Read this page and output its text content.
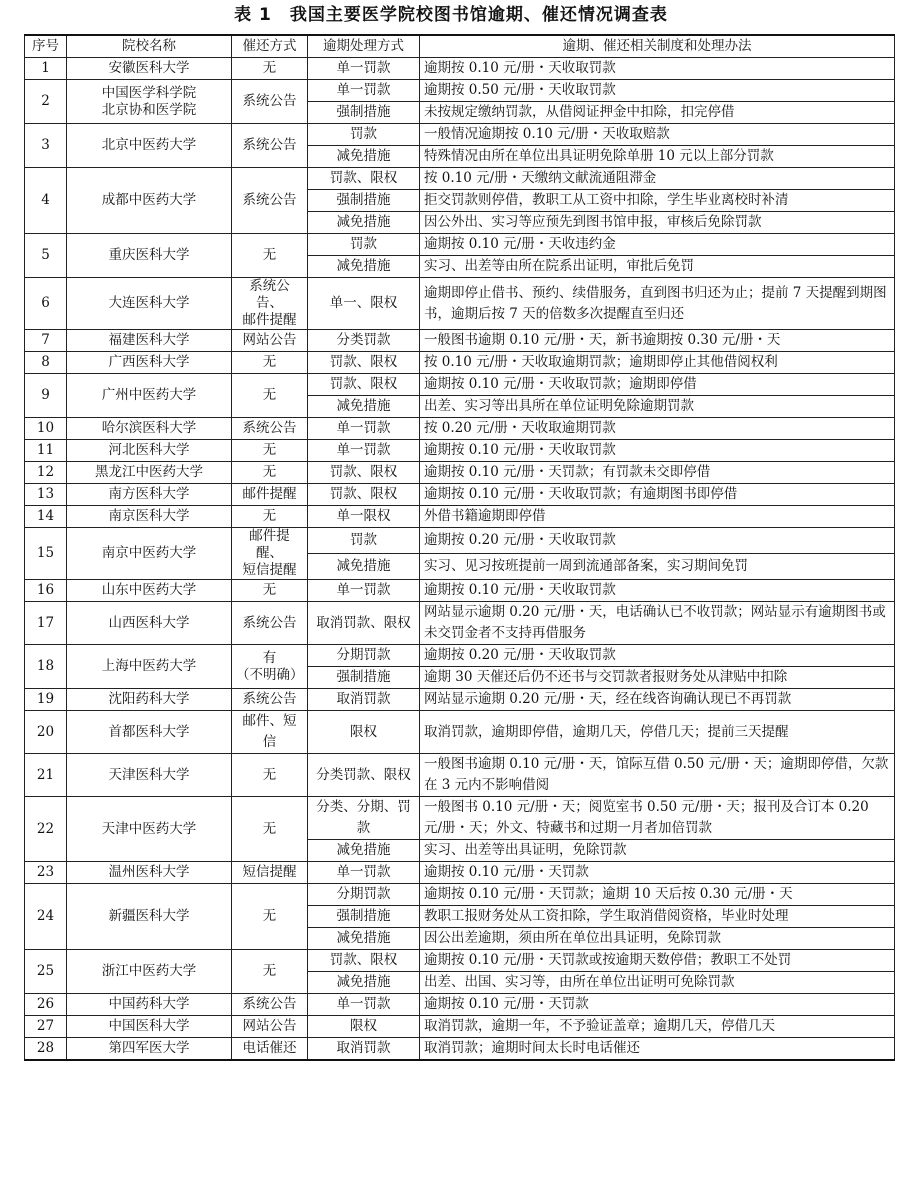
表 1 我国主要医学院校图书馆逾期、催还情况调查表
序号	院校名称	催还方式	逾期处理方式	逾期、催还相关制度和处理办法
1	安徽医科大学	无	单一罚款	逾期按 0.10 元/册・天收取罚款
2	中国医学科学院
北京协和医学院	系统公告	单一罚款	逾期按 0.50 元/册・天收取罚款
			强制措施	未按规定缴纳罚款，从借阅证押金中扣除，扣完停借
3	北京中医药大学	系统公告	罚款	一般情况逾期按 0.10 元/册・天收取赔款
			减免措施	特殊情况由所在单位出具证明免除单册 10 元以上部分罚款
4	成都中医药大学	系统公告	罚款、限权	按 0.10 元/册・天缴纳文献流通阻滞金
			强制措施	拒交罚款则停借，教职工从工资中扣除，学生毕业离校时补清
			减免措施	因公外出、实习等应预先到图书馆申报，审核后免除罚款
5	重庆医科大学	无	罚款	逾期按 0.10 元/册・天收违约金
			减免措施	实习、出差等由所在院系出证明，审批后免罚
6	大连医科大学	系统公告、
邮件提醒	单一、限权	逾期即停止借书、预约、续借服务，直到图书归还为止；提前 7 天提醒到期图书，逾期后按 7 天的倍数多次提醒直至归还
7	福建医科大学	网站公告	分类罚款	一般图书逾期 0.10 元/册・天，新书逾期按 0.30 元/册・天
8	广西医科大学	无	罚款、限权	按 0.10 元/册・天收取逾期罚款；逾期即停止其他借阅权利
9	广州中医药大学	无	罚款、限权	逾期按 0.10 元/册・天收取罚款；逾期即停借
			减免措施	出差、实习等出具所在单位证明免除逾期罚款
10	哈尔滨医科大学	系统公告	单一罚款	按 0.20 元/册・天收取逾期罚款
11	河北医科大学	无	单一罚款	逾期按 0.10 元/册・天收取罚款
12	黑龙江中医药大学	无	罚款、限权	逾期按 0.10 元/册・天罚款；有罚款未交即停借
13	南方医科大学	邮件提醒	罚款、限权	逾期按 0.10 元/册・天收取罚款；有逾期图书即停借
14	南京医科大学	无	单一限权	外借书籍逾期即停借
15	南京中医药大学	邮件提醒、
短信提醒	罚款	逾期按 0.20 元/册・天收取罚款
			减免措施	实习、见习按班提前一周到流通部备案，实习期间免罚
16	山东中医药大学	无	单一罚款	逾期按 0.10 元/册・天收取罚款
17	山西医科大学	系统公告	取消罚款、限权	网站显示逾期 0.20 元/册・天，电话确认已不收罚款；网站显示有逾期图书或未交罚金者不支持再借服务
18	上海中医药大学	有
（不明确）	分期罚款	逾期按 0.20 元/册・天收取罚款
			强制措施	逾期 30 天催还后仍不还书与交罚款者报财务处从津贴中扣除
19	沈阳药科大学	系统公告	取消罚款	网站显示逾期 0.20 元/册・天，经在线咨询确认现已不再罚款
20	首都医科大学	邮件、短信	限权	取消罚款，逾期即停借，逾期几天，停借几天；提前三天提醒
21	天津医科大学	无	分类罚款、限权	一般图书逾期 0.10 元/册・天，馆际互借 0.50 元/册・天；逾期即停借，欠款在 3 元内不影响借阅
22	天津中医药大学	无	分类、分期、罚款	一般图书 0.10 元/册・天；阅览室书 0.50 元/册・天；报刊及合订本 0.20 元/册・天；外文、特藏书和过期一月者加倍罚款
			减免措施	实习、出差等出具证明，免除罚款
23	温州医科大学	短信提醒	单一罚款	逾期按 0.10 元/册・天罚款
24	新疆医科大学	无	分期罚款	逾期按 0.10 元/册・天罚款；逾期 10 天后按 0.30 元/册・天
			强制措施	教职工报财务处从工资扣除，学生取消借阅资格，毕业时处理
			减免措施	因公出差逾期，须由所在单位出具证明，免除罚款
25	浙江中医药大学	无	罚款、限权	逾期按 0.10 元/册・天罚款或按逾期天数停借；教职工不处罚
			减免措施	出差、出国、实习等，由所在单位出证明可免除罚款
26	中国药科大学	系统公告	单一罚款	逾期按 0.10 元/册・天罚款
27	中国医科大学	网站公告	限权	取消罚款，逾期一年，不予验证盖章；逾期几天，停借几天
28	第四军医大学	电话催还	取消罚款	取消罚款；逾期时间太长时电话催还
